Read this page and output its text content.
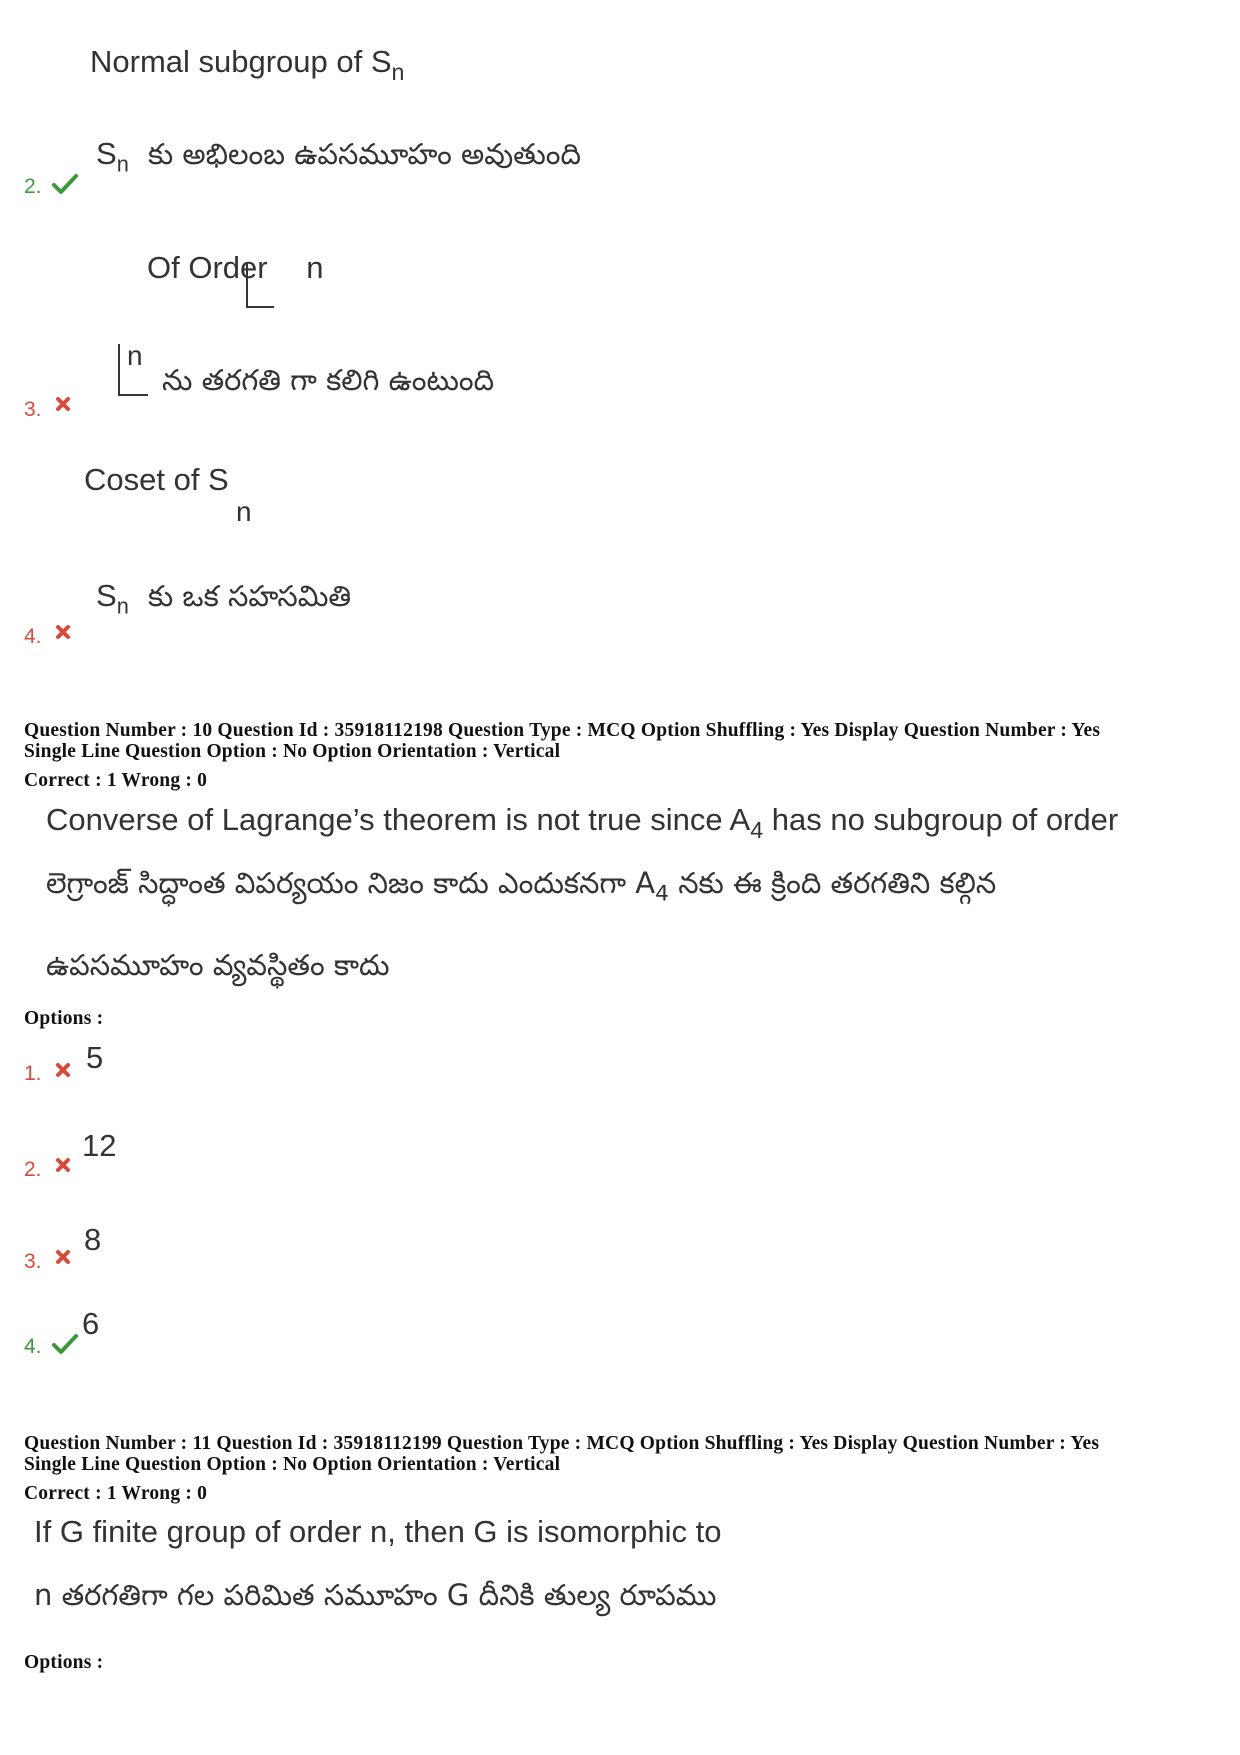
Normal subgroup of $S_n$
$S_n$ కు అభిలంబ ఉపసమూహం అవుతుంది
2.
Of Order n
n
ను తరగతి గా కలిగి ఉంటుంది
3.
Coset of S
n
$S_n$ కు ఒక సహసమితి
4.
Question Number : 10 Question Id : 35918112198 Question Type : MCQ Option Shuffling : Yes Display Question Number : Yes
Single Line Question Option : No Option Orientation : Vertical
Correct : 1 Wrong : 0
Converse of Lagrange’s theorem is not true since $A_4$ has no subgroup of order
లెగ్రాంజ్ సిద్ధాంత విపర్యయం నిజం కాదు ఎందుకనగా $A_4$ నకు ఈ క్రింది తరగతిని కల్గిన
ఉపసమూహం వ్యవస్థితం కాదు
Options :
5
1.
12
2.
8
3.
6
4.
Question Number : 11 Question Id : 35918112199 Question Type : MCQ Option Shuffling : Yes Display Question Number : Yes
Single Line Question Option : No Option Orientation : Vertical
Correct : 1 Wrong : 0
If G finite group of order n, then G is isomorphic to
n తరగతిగా గల పరిమిత సమూహం G దీనికి తుల్య రూపము
Options :
